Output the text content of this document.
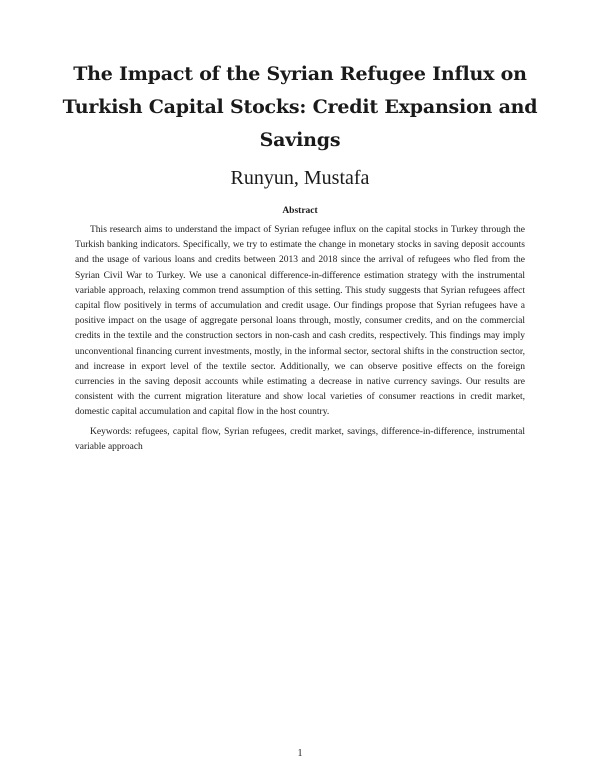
The Impact of the Syrian Refugee Influx on Turkish Capital Stocks: Credit Expansion and Savings
Runyun, Mustafa
Abstract

This research aims to understand the impact of Syrian refugee influx on the capital stocks in Turkey through the Turkish banking indicators. Specifically, we try to estimate the change in monetary stocks in saving deposit accounts and the usage of various loans and credits between 2013 and 2018 since the arrival of refugees who fled from the Syrian Civil War to Turkey. We use a canonical difference-in-difference estimation strategy with the instrumental variable approach, relaxing common trend assumption of this setting. This study suggests that Syrian refugees affect capital flow positively in terms of accumulation and credit usage. Our findings propose that Syrian refugees have a positive impact on the usage of aggregate personal loans through, mostly, consumer credits, and on the commercial credits in the textile and the construction sectors in non-cash and cash credits, respectively. This findings may imply unconventional financing current investments, mostly, in the informal sector, sectoral shifts in the construction sector, and increase in export level of the textile sector. Additionally, we can observe positive effects on the foreign currencies in the saving deposit accounts while estimating a decrease in native currency savings. Our results are consistent with the current migration literature and show local varieties of consumer reactions in credit market, domestic capital accumulation and capital flow in the host country.

Keywords: refugees, capital flow, Syrian refugees, credit market, savings, difference-in-difference, instrumental variable approach

1
